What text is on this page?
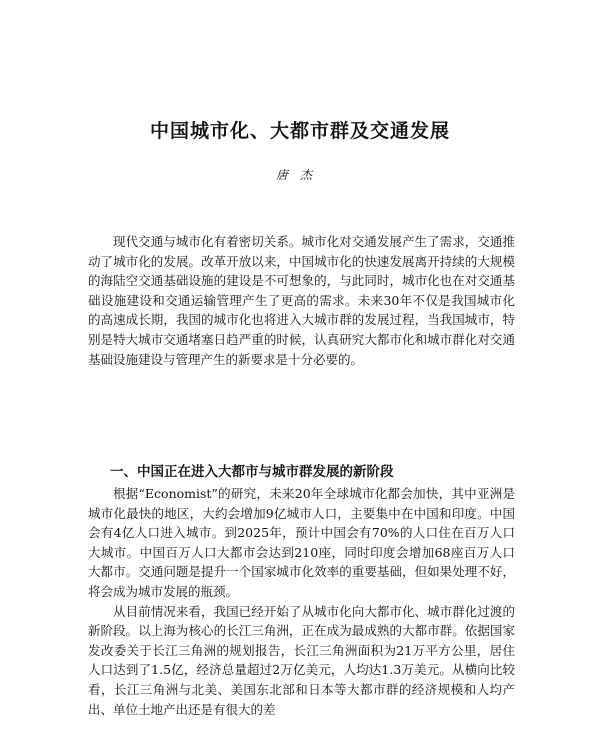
中国城市化、大都市群及交通发展
唐杰

现代交通与城市化有着密切关系。城市化对交通发展产生了需求，交通推动了城市化的发展。改革开放以来，中国城市化的快速发展离开持续的大规模的海陆空交通基础设施的建设是不可想象的，与此同时，城市化也在对交通基础设施建设和交通运输管理产生了更高的需求。未来30年不仅是我国城市化的高速成长期，我国的城市化也将进入大城市群的发展过程，当我国城市，特别是特大城市交通堵塞日趋严重的时候，认真研究大都市化和城市群化对交通基础设施建设与管理产生的新要求是十分必要的。

一、中国正在进入大都市与城市群发展的新阶段

根据“Economist”的研究，未来20年全球城市化都会加快，其中亚洲是城市化最快的地区，大约会增加9亿城市人口，主要集中在中国和印度。中国会有4亿人口进入城市。到2025年，预计中国会有70%的人口住在百万人口大城市。中国百万人口大都市会达到210座，同时印度会增加68座百万人口大都市。交通问题是提升一个国家城市化效率的重要基础，但如果处理不好，将会成为城市发展的瓶颈。

从目前情况来看，我国已经开始了从城市化向大都市化、城市群化过渡的新阶段。以上海为核心的长江三角洲，正在成为最成熟的大都市群。依据国家发改委关于长江三角洲的规划报告，长江三角洲面积为21万平方公里，居住人口达到了1.5亿，经济总量超过2万亿美元，人均达1.3万美元。从横向比较看，长江三角洲与北美、美国东北部和日本等大都市群的经济规模和人均产出、单位土地产出还是有很大的差
